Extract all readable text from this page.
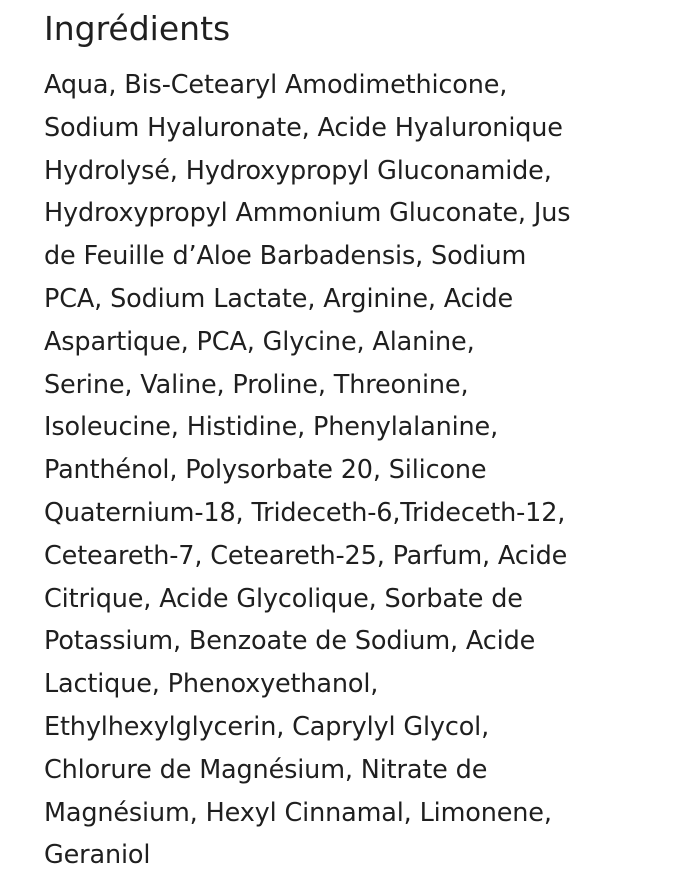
Ingrédients
Aqua, Bis-Cetearyl Amodimethicone,
Sodium Hyaluronate, Acide Hyaluronique
Hydrolysé, Hydroxypropyl Gluconamide,
Hydroxypropyl Ammonium Gluconate, Jus
de Feuille d’Aloe Barbadensis, Sodium
PCA, Sodium Lactate, Arginine, Acide
Aspartique, PCA, Glycine, Alanine,
Serine, Valine, Proline, Threonine,
Isoleucine, Histidine, Phenylalanine,
Panthénol, Polysorbate 20, Silicone
Quaternium-18, Trideceth-6,Trideceth-12,
Ceteareth-7, Ceteareth-25, Parfum, Acide
Citrique, Acide Glycolique, Sorbate de
Potassium, Benzoate de Sodium, Acide
Lactique, Phenoxyethanol,
Ethylhexylglycerin, Caprylyl Glycol,
Chlorure de Magnésium, Nitrate de
Magnésium, Hexyl Cinnamal, Limonene,
Geraniol
